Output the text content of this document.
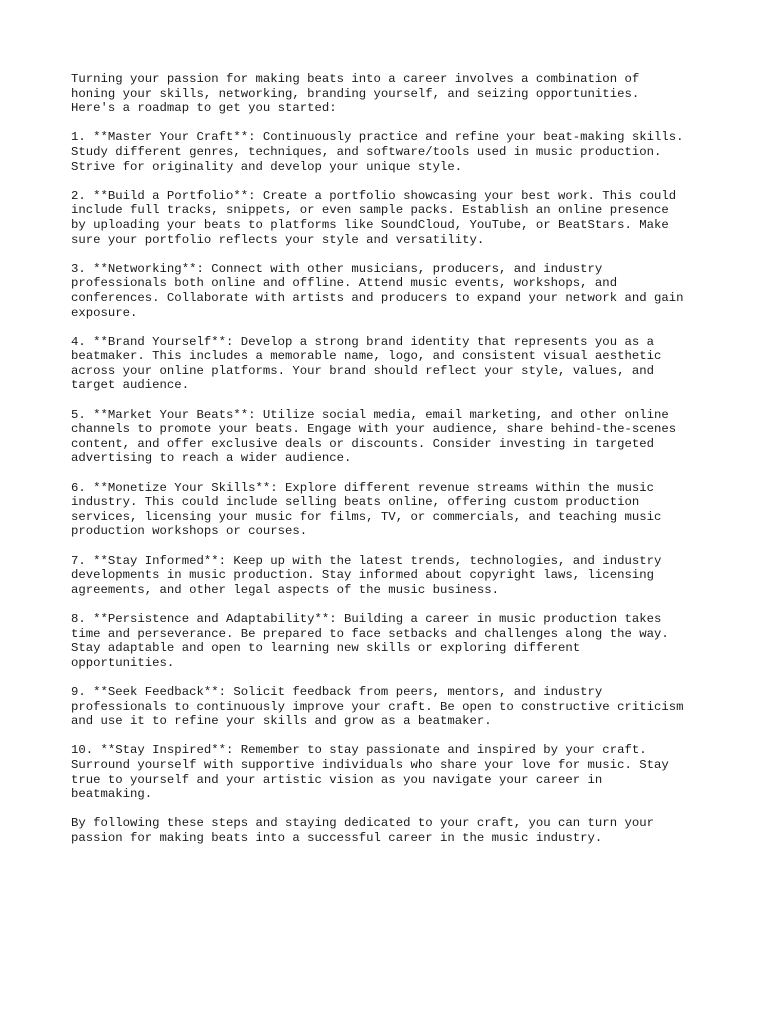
Turning your passion for making beats into a career involves a combination of
honing your skills, networking, branding yourself, and seizing opportunities.
Here's a roadmap to get you started:

1. **Master Your Craft**: Continuously practice and refine your beat-making skills.
Study different genres, techniques, and software/tools used in music production.
Strive for originality and develop your unique style.

2. **Build a Portfolio**: Create a portfolio showcasing your best work. This could
include full tracks, snippets, or even sample packs. Establish an online presence
by uploading your beats to platforms like SoundCloud, YouTube, or BeatStars. Make
sure your portfolio reflects your style and versatility.

3. **Networking**: Connect with other musicians, producers, and industry
professionals both online and offline. Attend music events, workshops, and
conferences. Collaborate with artists and producers to expand your network and gain
exposure.

4. **Brand Yourself**: Develop a strong brand identity that represents you as a
beatmaker. This includes a memorable name, logo, and consistent visual aesthetic
across your online platforms. Your brand should reflect your style, values, and
target audience.

5. **Market Your Beats**: Utilize social media, email marketing, and other online
channels to promote your beats. Engage with your audience, share behind-the-scenes
content, and offer exclusive deals or discounts. Consider investing in targeted
advertising to reach a wider audience.

6. **Monetize Your Skills**: Explore different revenue streams within the music
industry. This could include selling beats online, offering custom production
services, licensing your music for films, TV, or commercials, and teaching music
production workshops or courses.

7. **Stay Informed**: Keep up with the latest trends, technologies, and industry
developments in music production. Stay informed about copyright laws, licensing
agreements, and other legal aspects of the music business.

8. **Persistence and Adaptability**: Building a career in music production takes
time and perseverance. Be prepared to face setbacks and challenges along the way.
Stay adaptable and open to learning new skills or exploring different
opportunities.

9. **Seek Feedback**: Solicit feedback from peers, mentors, and industry
professionals to continuously improve your craft. Be open to constructive criticism
and use it to refine your skills and grow as a beatmaker.

10. **Stay Inspired**: Remember to stay passionate and inspired by your craft.
Surround yourself with supportive individuals who share your love for music. Stay
true to yourself and your artistic vision as you navigate your career in
beatmaking.

By following these steps and staying dedicated to your craft, you can turn your
passion for making beats into a successful career in the music industry.
